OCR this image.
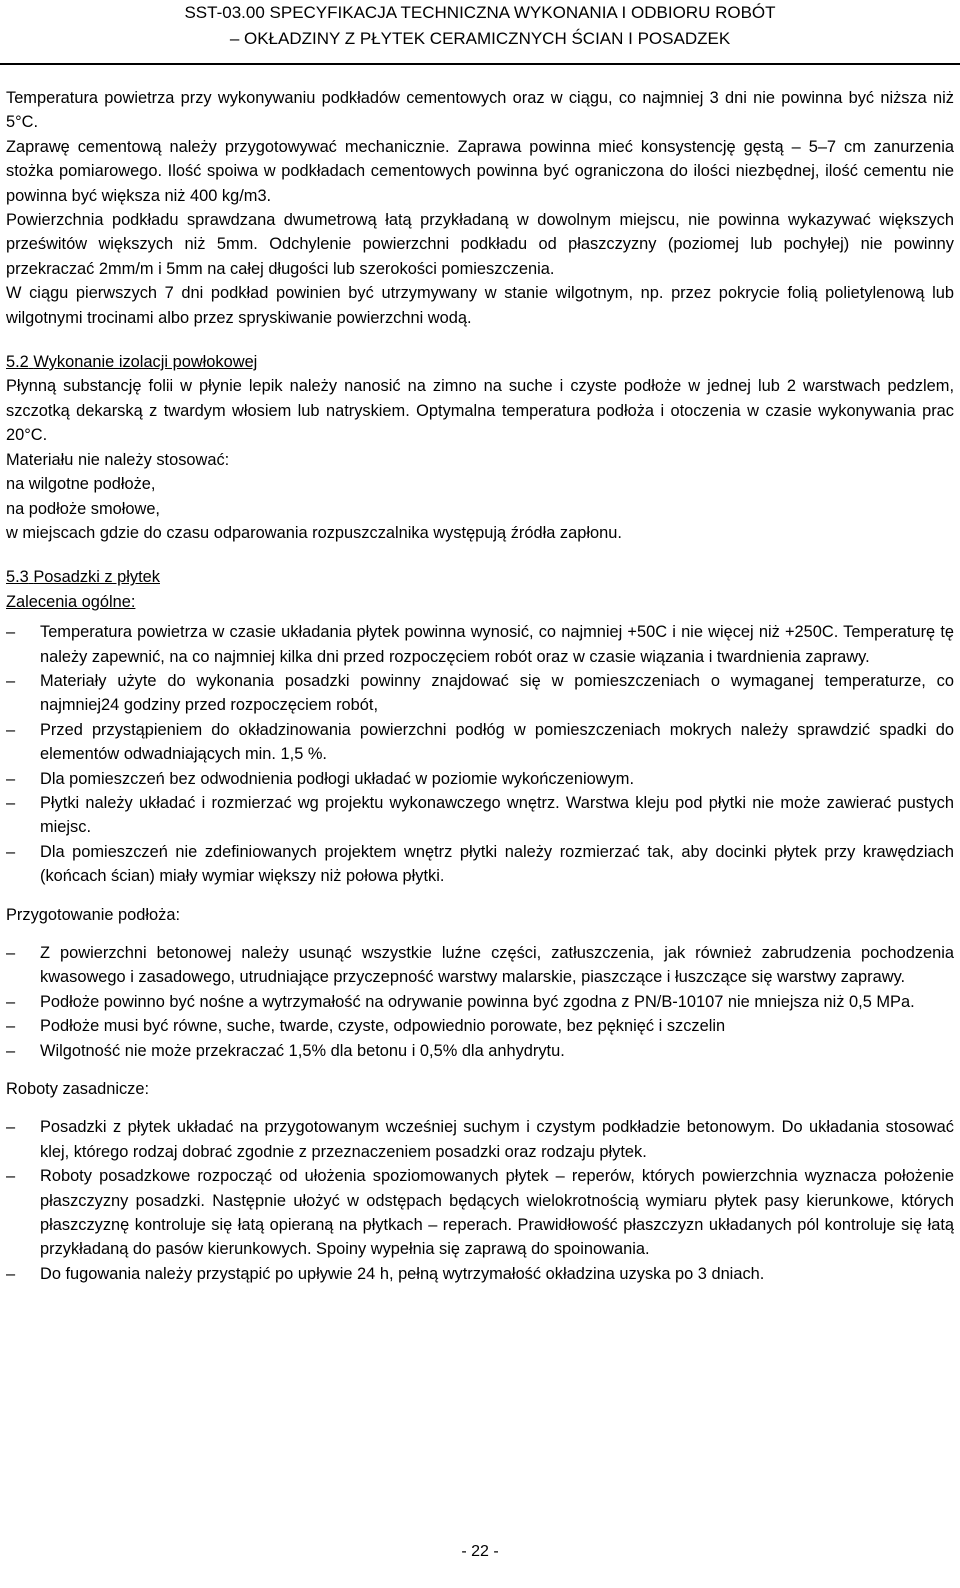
SST-03.00 SPECYFIKACJA TECHNICZNA WYKONANIA I ODBIORU ROBÓT
– OKŁADZINY Z PŁYTEK CERAMICZNYCH ŚCIAN I POSADZEK

Temperatura powietrza przy wykonywaniu podkładów cementowych oraz w ciągu, co najmniej 3 dni nie powinna być niższa niż 5°C.

Zaprawę cementową należy przygotowywać mechanicznie. Zaprawa powinna mieć konsystencję gęstą – 5–7 cm zanurzenia stożka pomiarowego. Ilość spoiwa w podkładach cementowych powinna być ograniczona do ilości niezbędnej, ilość cementu nie powinna być większa niż 400 kg/m3.

Powierzchnia podkładu sprawdzana dwumetrową łatą przykładaną w dowolnym miejscu, nie powinna wykazywać większych prześwitów większych niż 5mm. Odchylenie powierzchni podkładu od płaszczyzny (poziomej lub pochyłej) nie powinny przekraczać 2mm/m i 5mm na całej długości lub szerokości pomieszczenia.

W ciągu pierwszych 7 dni podkład powinien być utrzymywany w stanie wilgotnym, np. przez pokrycie folią polietylenową lub wilgotnymi trocinami albo przez spryskiwanie powierzchni wodą.

5.2 Wykonanie izolacji powłokowej

Płynną substancję folii w płynie lepik należy nanosić na zimno na suche i czyste podłoże w jednej lub 2 warstwach pedzlem, szczotką dekarską z twardym włosiem lub natryskiem. Optymalna temperatura podłoża i otoczenia w czasie wykonywania prac 20°C.

Materiału nie należy stosować:

na wilgotne podłoże,

na podłoże smołowe,

w miejscach gdzie do czasu odparowania rozpuszczalnika występują źródła zapłonu.

5.3 Posadzki z płytek

Zalecenia ogólne:

– Temperatura powietrza w czasie układania płytek powinna wynosić, co najmniej +50C i nie więcej niż +250C. Temperaturę tę należy zapewnić, na co najmniej kilka dni przed rozpoczęciem robót oraz w czasie wiązania i twardnienia zaprawy.
– Materiały użyte do wykonania posadzki powinny znajdować się w pomieszczeniach o wymaganej temperaturze, co najmniej24 godziny przed rozpoczęciem robót,
– Przed przystąpieniem do okładzinowania powierzchni podłóg w pomieszczeniach mokrych należy sprawdzić spadki do elementów odwadniających min. 1,5 %.
– Dla pomieszczeń bez odwodnienia podłogi układać w poziomie wykończeniowym.
– Płytki należy układać i rozmierzać wg projektu wykonawczego wnętrz. Warstwa kleju pod płytki nie może zawierać pustych miejsc.
– Dla pomieszczeń nie zdefiniowanych projektem wnętrz płytki należy rozmierzać tak, aby docinki płytek przy krawędziach (końcach ścian) miały wymiar większy niż połowa płytki.

Przygotowanie podłoża:

– Z powierzchni betonowej należy usunąć wszystkie luźne części, zatłuszczenia, jak również zabrudzenia pochodzenia kwasowego i zasadowego, utrudniające przyczepność warstwy malarskie, piaszczące i łuszczące się warstwy zaprawy.
– Podłoże powinno być nośne a wytrzymałość na odrywanie powinna być zgodna z PN/B-10107 nie mniejsza niż 0,5 MPa.
– Podłoże musi być równe, suche, twarde, czyste, odpowiednio porowate, bez pęknięć i szczelin
– Wilgotność nie może przekraczać 1,5% dla betonu i 0,5% dla anhydrytu.

Roboty zasadnicze:

– Posadzki z płytek układać na przygotowanym wcześniej suchym i czystym podkładzie betonowym. Do układania stosować klej, którego rodzaj dobrać zgodnie z przeznaczeniem posadzki oraz rodzaju płytek.
– Roboty posadzkowe rozpocząć od ułożenia spoziomowanych płytek – reperów, których powierzchnia wyznacza położenie płaszczyzny posadzki. Następnie ułożyć w odstępach będących wielokrotnością wymiaru płytek pasy kierunkowe, których płaszczyznę kontroluje się łatą opieraną na płytkach – reperach. Prawidłowość płaszczyzn układanych pól kontroluje się łatą przykładaną do pasów kierunkowych. Spoiny wypełnia się zaprawą do spoinowania.
– Do fugowania należy przystąpić po upływie 24 h, pełną wytrzymałość okładzina uzyska po 3 dniach.
- 22 -
